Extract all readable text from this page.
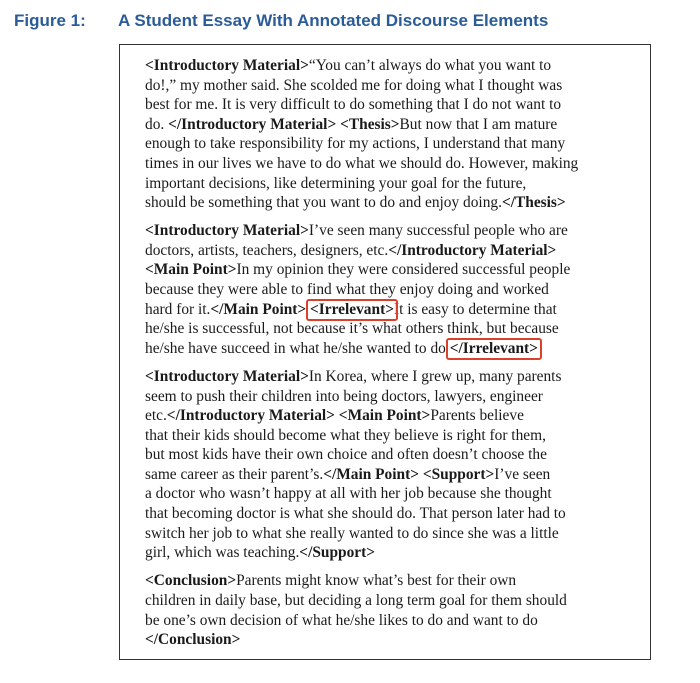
Figure 1: A Student Essay With Annotated Discourse Elements
<Introductory Material>“You can’t always do what you want to
do!,” my mother said. She scolded me for doing what I thought was
best for me. It is very difficult to do something that I do not want to
do. </Introductory Material> <Thesis>But now that I am mature
enough to take responsibility for my actions, I understand that many
times in our lives we have to do what we should do. However, making
important decisions, like determining your goal for the future,
should be something that you want to do and enjoy doing.</Thesis>
<Introductory Material>I’ve seen many successful people who are
doctors, artists, teachers, designers, etc.</Introductory Material>
<Main Point>In my opinion they were considered successful people
because they were able to find what they enjoy doing and worked
hard for it.</Main Point> <Irrelevant>It is easy to determine that
he/she is successful, not because it’s what others think, but because
he/she have succeed in what he/she wanted to do </Irrelevant>
<Introductory Material>In Korea, where I grew up, many parents
seem to push their children into being doctors, lawyers, engineer
etc.</Introductory Material> <Main Point>Parents believe
that their kids should become what they believe is right for them,
but most kids have their own choice and often doesn’t choose the
same career as their parent’s.</Main Point> <Support>I’ve seen
a doctor who wasn’t happy at all with her job because she thought
that becoming doctor is what she should do. That person later had to
switch her job to what she really wanted to do since she was a little
girl, which was teaching.</Support>
<Conclusion>Parents might know what’s best for their own
children in daily base, but deciding a long term goal for them should
be one’s own decision of what he/she likes to do and want to do
</Conclusion>
